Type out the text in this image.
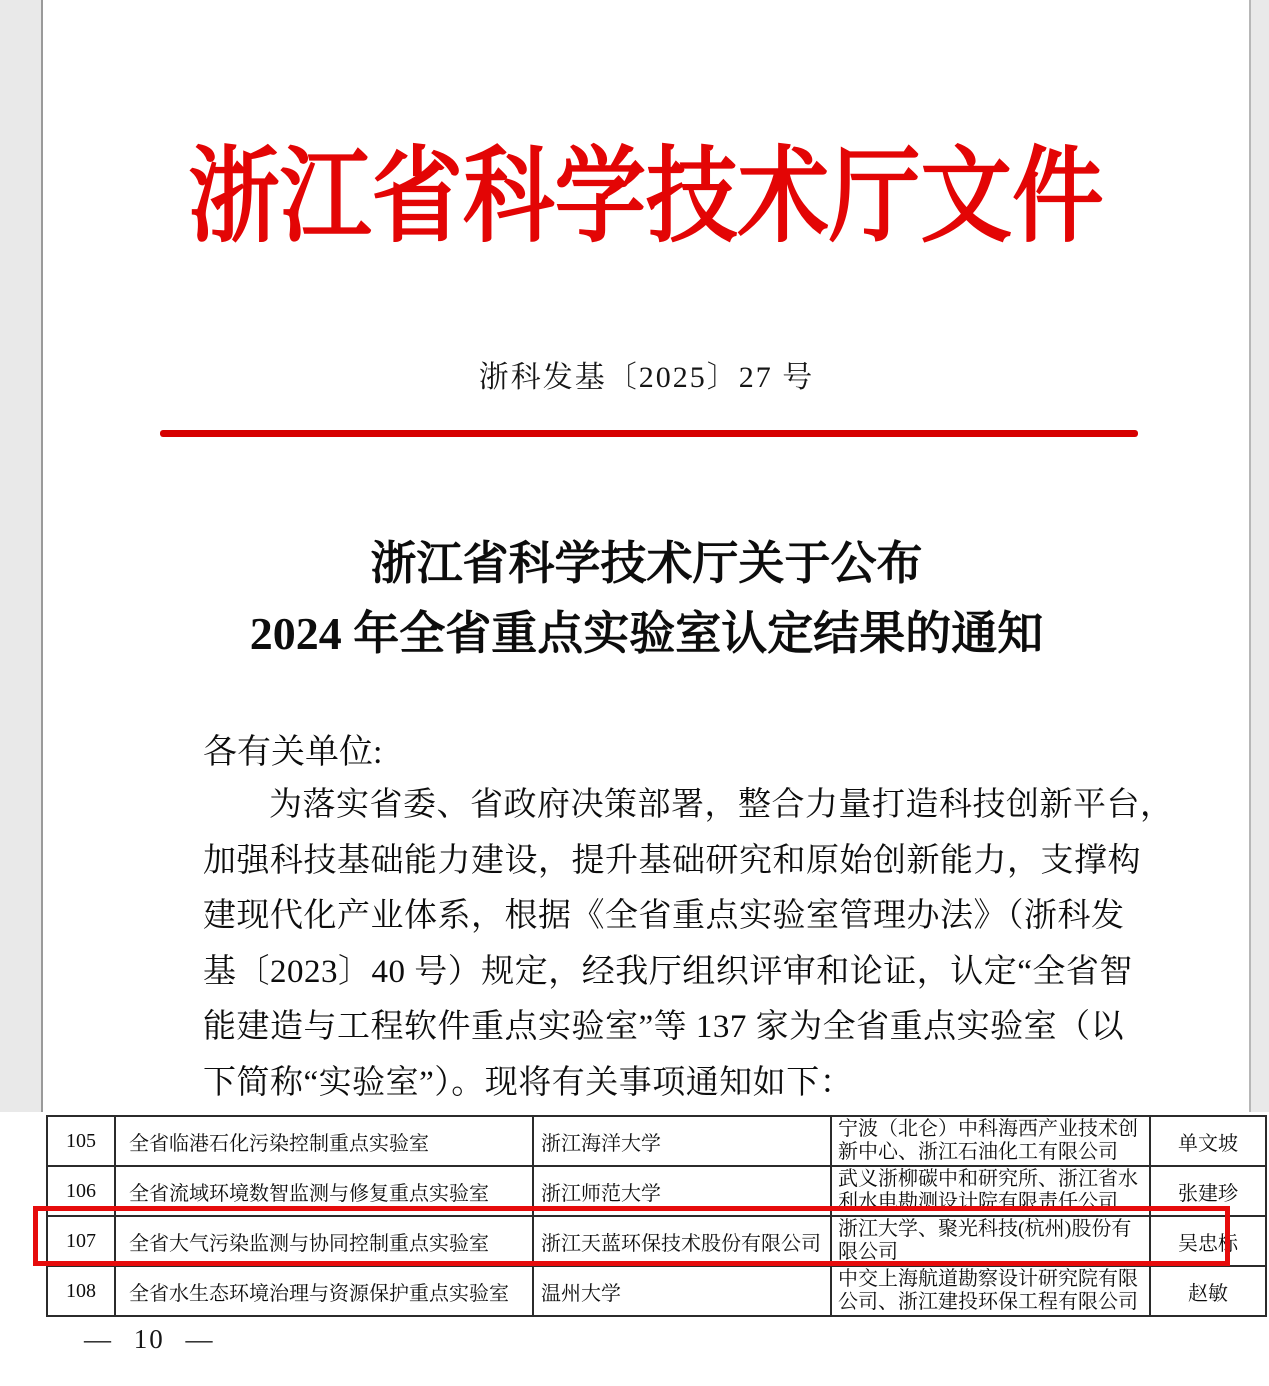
浙江省科学技术厅文件
浙科发基〔2025〕27 号
浙江省科学技术厅关于公布
2024 年全省重点实验室认定结果的通知
各有关单位:
为落实省委、省政府决策部署，整合力量打造科技创新平台，
加强科技基础能力建设，提升基础研究和原始创新能力，支撑构
建现代化产业体系，根据《全省重点实验室管理办法》（浙科发
基〔2023〕40 号）规定，经我厅组织评审和论证，认定“全省智
能建造与工程软件重点实验室”等 137 家为全省重点实验室（以
下简称“实验室”）。现将有关事项通知如下：
105	全省临港石化污染控制重点实验室	浙江海洋大学	宁波（北仑）中科海西产业技术创新中心、浙江石油化工有限公司	单文坡
106	全省流域环境数智监测与修复重点实验室	浙江师范大学	武义浙柳碳中和研究所、浙江省水利水电勘测设计院有限责任公司	张建珍
107	全省大气污染监测与协同控制重点实验室	浙江天蓝环保技术股份有限公司	浙江大学、聚光科技(杭州)股份有限公司	吴忠标
108	全省水生态环境治理与资源保护重点实验室	温州大学	中交上海航道勘察设计研究院有限公司、浙江建投环保工程有限公司	赵敏
— 10 —
